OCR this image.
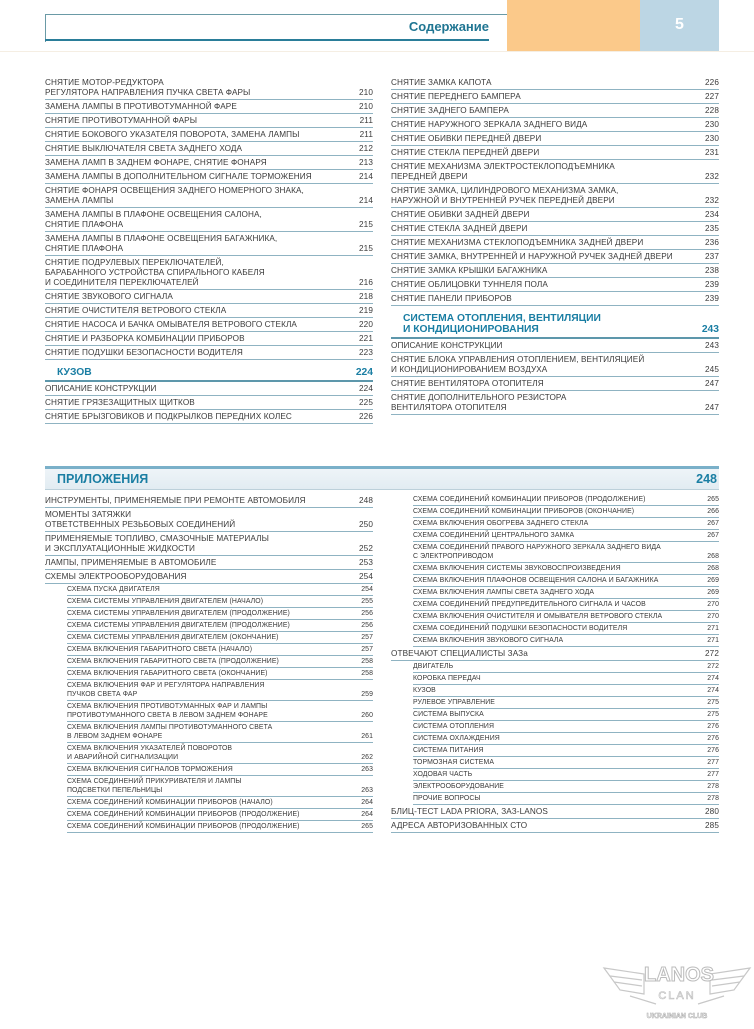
Содержание	5
СНЯТИЕ МОТОР-РЕДУКТОРА
РЕГУЛЯТОРА НАПРАВЛЕНИЯ ПУЧКА СВЕТА ФАРЫ	210
ЗАМЕНА ЛАМПЫ В ПРОТИВОТУМАННОЙ ФАРЕ	210
СНЯТИЕ ПРОТИВОТУМАННОЙ ФАРЫ	211
СНЯТИЕ БОКОВОГО УКАЗАТЕЛЯ ПОВОРОТА, ЗАМЕНА ЛАМПЫ	211
СНЯТИЕ ВЫКЛЮЧАТЕЛЯ СВЕТА ЗАДНЕГО ХОДА	212
ЗАМЕНА ЛАМП В ЗАДНЕМ ФОНАРЕ, СНЯТИЕ ФОНАРЯ	213
ЗАМЕНА ЛАМПЫ В ДОПОЛНИТЕЛЬНОМ СИГНАЛЕ ТОРМОЖЕНИЯ	214
СНЯТИЕ ФОНАРЯ ОСВЕЩЕНИЯ ЗАДНЕГО НОМЕРНОГО ЗНАКА,
ЗАМЕНА ЛАМПЫ	214
ЗАМЕНА ЛАМПЫ В ПЛАФОНЕ ОСВЕЩЕНИЯ САЛОНА,
СНЯТИЕ ПЛАФОНА	215
ЗАМЕНА ЛАМПЫ В ПЛАФОНЕ ОСВЕЩЕНИЯ БАГАЖНИКА,
СНЯТИЕ ПЛАФОНА	215
СНЯТИЕ ПОДРУЛЕВЫХ ПЕРЕКЛЮЧАТЕЛЕЙ,
БАРАБАННОГО УСТРОЙСТВА СПИРАЛЬНОГО КАБЕЛЯ
И СОЕДИНИТЕЛЯ ПЕРЕКЛЮЧАТЕЛЕЙ	216
СНЯТИЕ ЗВУКОВОГО СИГНАЛА	218
СНЯТИЕ ОЧИСТИТЕЛЯ ВЕТРОВОГО СТЕКЛА	219
СНЯТИЕ НАСОСА И БАЧКА ОМЫВАТЕЛЯ ВЕТРОВОГО СТЕКЛА	220
СНЯТИЕ И РАЗБОРКА КОМБИНАЦИИ ПРИБОРОВ	221
СНЯТИЕ ПОДУШКИ БЕЗОПАСНОСТИ ВОДИТЕЛЯ	223
КУЗОВ	224
ОПИСАНИЕ КОНСТРУКЦИИ	224
СНЯТИЕ ГРЯЗЕЗАЩИТНЫХ ЩИТКОВ	225
СНЯТИЕ БРЫЗГОВИКОВ И ПОДКРЫЛКОВ ПЕРЕДНИХ КОЛЕС	226
СНЯТИЕ ЗАМКА КАПОТА	226
СНЯТИЕ ПЕРЕДНЕГО БАМПЕРА	227
СНЯТИЕ ЗАДНЕГО БАМПЕРА	228
СНЯТИЕ НАРУЖНОГО ЗЕРКАЛА ЗАДНЕГО ВИДА	230
СНЯТИЕ ОБИВКИ ПЕРЕДНЕЙ ДВЕРИ	230
СНЯТИЕ СТЕКЛА ПЕРЕДНЕЙ ДВЕРИ	231
СНЯТИЕ МЕХАНИЗМА ЭЛЕКТРОСТЕКЛОПОДЪЕМНИКА
ПЕРЕДНЕЙ ДВЕРИ	232
СНЯТИЕ ЗАМКА, ЦИЛИНДРОВОГО МЕХАНИЗМА ЗАМКА,
НАРУЖНОЙ И ВНУТРЕННЕЙ РУЧЕК ПЕРЕДНЕЙ ДВЕРИ	232
СНЯТИЕ ОБИВКИ ЗАДНЕЙ ДВЕРИ	234
СНЯТИЕ СТЕКЛА ЗАДНЕЙ ДВЕРИ	235
СНЯТИЕ МЕХАНИЗМА СТЕКЛОПОДЪЕМНИКА ЗАДНЕЙ ДВЕРИ	236
СНЯТИЕ ЗАМКА, ВНУТРЕННЕЙ И НАРУЖНОЙ РУЧЕК ЗАДНЕЙ ДВЕРИ	237
СНЯТИЕ ЗАМКА КРЫШКИ БАГАЖНИКА	238
СНЯТИЕ ОБЛИЦОВКИ ТУННЕЛЯ ПОЛА	239
СНЯТИЕ ПАНЕЛИ ПРИБОРОВ	239
СИСТЕМА ОТОПЛЕНИЯ, ВЕНТИЛЯЦИИ
И КОНДИЦИОНИРОВАНИЯ	243
ОПИСАНИЕ КОНСТРУКЦИИ	243
СНЯТИЕ БЛОКА УПРАВЛЕНИЯ ОТОПЛЕНИЕМ, ВЕНТИЛЯЦИЕЙ
И КОНДИЦИОНИРОВАНИЕМ ВОЗДУХА	245
СНЯТИЕ ВЕНТИЛЯТОРА ОТОПИТЕЛЯ	247
СНЯТИЕ ДОПОЛНИТЕЛЬНОГО РЕЗИСТОРА
ВЕНТИЛЯТОРА ОТОПИТЕЛЯ	247
ПРИЛОЖЕНИЯ	248
ИНСТРУМЕНТЫ, ПРИМЕНЯЕМЫЕ ПРИ РЕМОНТЕ АВТОМОБИЛЯ	248
МОМЕНТЫ ЗАТЯЖКИ
ОТВЕТСТВЕННЫХ РЕЗЬБОВЫХ СОЕДИНЕНИЙ	250
ПРИМЕНЯЕМЫЕ ТОПЛИВО, СМАЗОЧНЫЕ МАТЕРИАЛЫ
И ЭКСПЛУАТАЦИОННЫЕ ЖИДКОСТИ	252
ЛАМПЫ, ПРИМЕНЯЕМЫЕ В АВТОМОБИЛЕ	253
СХЕМЫ ЭЛЕКТРООБОРУДОВАНИЯ	254
СХЕМА ПУСКА ДВИГАТЕЛЯ	254
СХЕМА СИСТЕМЫ УПРАВЛЕНИЯ ДВИГАТЕЛЕМ (НАЧАЛО)	255
СХЕМА СИСТЕМЫ УПРАВЛЕНИЯ ДВИГАТЕЛЕМ (ПРОДОЛЖЕНИЕ)	256
СХЕМА СИСТЕМЫ УПРАВЛЕНИЯ ДВИГАТЕЛЕМ (ПРОДОЛЖЕНИЕ)	256
СХЕМА СИСТЕМЫ УПРАВЛЕНИЯ ДВИГАТЕЛЕМ (ОКОНЧАНИЕ)	257
СХЕМА ВКЛЮЧЕНИЯ ГАБАРИТНОГО СВЕТА (НАЧАЛО)	257
СХЕМА ВКЛЮЧЕНИЯ ГАБАРИТНОГО СВЕТА (ПРОДОЛЖЕНИЕ)	258
СХЕМА ВКЛЮЧЕНИЯ ГАБАРИТНОГО СВЕТА (ОКОНЧАНИЕ)	258
СХЕМА ВКЛЮЧЕНИЯ ФАР И РЕГУЛЯТОРА НАПРАВЛЕНИЯ
ПУЧКОВ СВЕТА ФАР	259
СХЕМА ВКЛЮЧЕНИЯ ПРОТИВОТУМАННЫХ ФАР И ЛАМПЫ
ПРОТИВОТУМАННОГО СВЕТА В ЛЕВОМ ЗАДНЕМ ФОНАРЕ	260
СХЕМА ВКЛЮЧЕНИЯ ЛАМПЫ ПРОТИВОТУМАННОГО СВЕТА
В ЛЕВОМ ЗАДНЕМ ФОНАРЕ	261
СХЕМА ВКЛЮЧЕНИЯ УКАЗАТЕЛЕЙ ПОВОРОТОВ
И АВАРИЙНОЙ СИГНАЛИЗАЦИИ	262
СХЕМА ВКЛЮЧЕНИЯ СИГНАЛОВ ТОРМОЖЕНИЯ	263
СХЕМА СОЕДИНЕНИЙ ПРИКУРИВАТЕЛЯ И ЛАМПЫ
ПОДСВЕТКИ ПЕПЕЛЬНИЦЫ	263
СХЕМА СОЕДИНЕНИЙ КОМБИНАЦИИ ПРИБОРОВ (НАЧАЛО)	264
СХЕМА СОЕДИНЕНИЙ КОМБИНАЦИИ ПРИБОРОВ (ПРОДОЛЖЕНИЕ)	264
СХЕМА СОЕДИНЕНИЙ КОМБИНАЦИИ ПРИБОРОВ (ПРОДОЛЖЕНИЕ)	265
СХЕМА СОЕДИНЕНИЙ КОМБИНАЦИИ ПРИБОРОВ (ПРОДОЛЖЕНИЕ)	265
СХЕМА СОЕДИНЕНИЙ КОМБИНАЦИИ ПРИБОРОВ (ОКОНЧАНИЕ)	266
СХЕМА ВКЛЮЧЕНИЯ ОБОГРЕВА ЗАДНЕГО СТЕКЛА	267
СХЕМА СОЕДИНЕНИЙ ЦЕНТРАЛЬНОГО ЗАМКА	267
СХЕМА СОЕДИНЕНИЙ ПРАВОГО НАРУЖНОГО ЗЕРКАЛА ЗАДНЕГО ВИДА
С ЭЛЕКТРОПРИВОДОМ	268
СХЕМА ВКЛЮЧЕНИЯ СИСТЕМЫ ЗВУКОВОСПРОИЗВЕДЕНИЯ	268
СХЕМА ВКЛЮЧЕНИЯ ПЛАФОНОВ ОСВЕЩЕНИЯ САЛОНА И БАГАЖНИКА	269
СХЕМА ВКЛЮЧЕНИЯ ЛАМПЫ СВЕТА ЗАДНЕГО ХОДА	269
СХЕМА СОЕДИНЕНИЙ ПРЕДУПРЕДИТЕЛЬНОГО СИГНАЛА И ЧАСОВ	270
СХЕМА ВКЛЮЧЕНИЯ ОЧИСТИТЕЛЯ И ОМЫВАТЕЛЯ ВЕТРОВОГО СТЕКЛА	270
СХЕМА СОЕДИНЕНИЙ ПОДУШКИ БЕЗОПАСНОСТИ ВОДИТЕЛЯ	271
СХЕМА ВКЛЮЧЕНИЯ ЗВУКОВОГО СИГНАЛА	271
ОТВЕЧАЮТ СПЕЦИАЛИСТЫ ЗАЗа	272
ДВИГАТЕЛЬ	272
КОРОБКА ПЕРЕДАЧ	274
КУЗОВ	274
РУЛЕВОЕ УПРАВЛЕНИЕ	275
СИСТЕМА ВЫПУСКА	275
СИСТЕМА ОТОПЛЕНИЯ	276
СИСТЕМА ОХЛАЖДЕНИЯ	276
СИСТЕМА ПИТАНИЯ	276
ТОРМОЗНАЯ СИСТЕМА	277
ХОДОВАЯ ЧАСТЬ	277
ЭЛЕКТРООБОРУДОВАНИЕ	278
ПРОЧИЕ ВОПРОСЫ	278
БЛИЦ-ТЕСТ LADA PRIORA, ЗАЗ-LANOS	280
АДРЕСА АВТОРИЗОВАННЫХ СТО	285
LANOS
CLAN
UKRAINIAN CLUB
